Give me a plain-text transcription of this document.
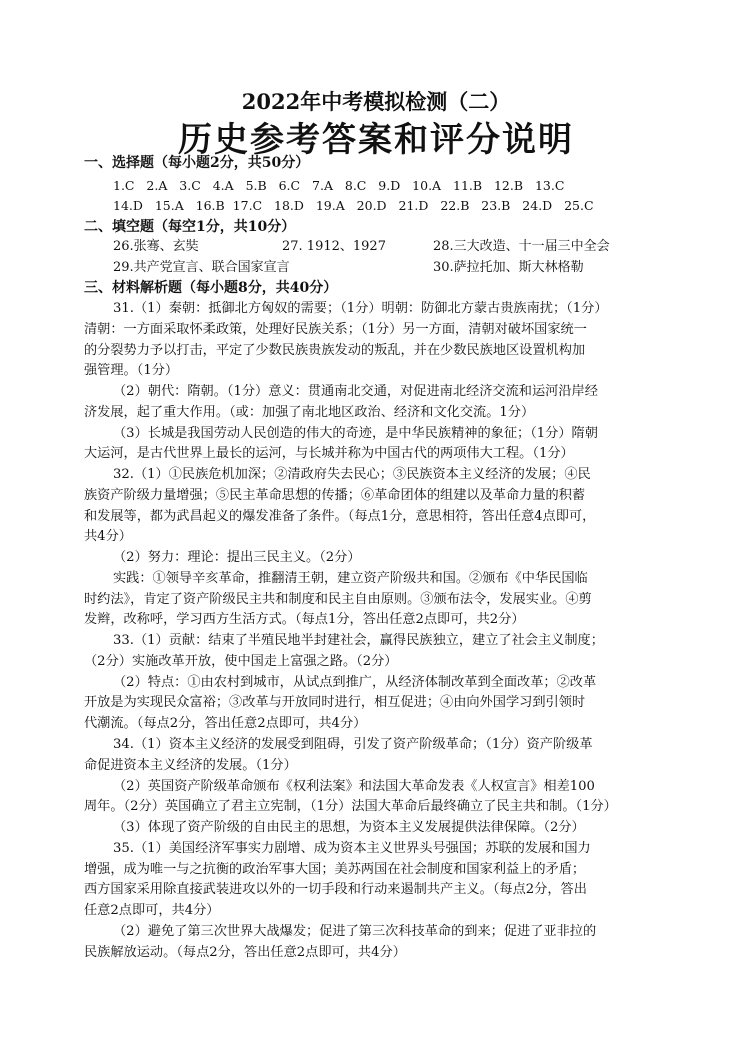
2022年中考模拟检测（二）
历史参考答案和评分说明
一、选择题（每小题2分，共50分）
1.C   2.A   3.C   4.A   5.B   6.C   7.A   8.C   9.D   10.A   11.B   12.B   13.C
14.D   15.A   16.B  17.C   18.D   19.A   20.D   21.D   22.B   23.B   24.D   25.C
二、填空题（每空1分，共10分）
26.张骞、玄奘	27. 1912、1927	28.三大改造、十一届三中全会
29.共产党宣言、联合国家宣言	30.萨拉托加、斯大林格勒
三、材料解析题（每小题8分，共40分）
31.（1）秦朝：抵御北方匈奴的需要；（1分）明朝：防御北方蒙古贵族南扰；（1分）
清朝：一方面采取怀柔政策，处理好民族关系；（1分）另一方面，清朝对破坏国家统一
的分裂势力予以打击，平定了少数民族贵族发动的叛乱，并在少数民族地区设置机构加
强管理。（1分）
（2）朝代：隋朝。（1分）意义：贯通南北交通，对促进南北经济交流和运河沿岸经
济发展，起了重大作用。（或：加强了南北地区政治、经济和文化交流。1分）
（3）长城是我国劳动人民创造的伟大的奇迹，是中华民族精神的象征；（1分）隋朝
大运河，是古代世界上最长的运河，与长城并称为中国古代的两项伟大工程。（1分）
32.（1）①民族危机加深；②清政府失去民心；③民族资本主义经济的发展；④民
族资产阶级力量增强；⑤民主革命思想的传播；⑥革命团体的组建以及革命力量的积蓄
和发展等，都为武昌起义的爆发准备了条件。（每点1分，意思相符，答出任意4点即可，
共4分）
（2）努力：理论：提出三民主义。（2分）
实践：①领导辛亥革命，推翻清王朝，建立资产阶级共和国。②颁布《中华民国临
时约法》，肯定了资产阶级民主共和制度和民主自由原则。③颁布法令，发展实业。④剪
发辫，改称呼，学习西方生活方式。（每点1分，答出任意2点即可，共2分）
33.（1）贡献：结束了半殖民地半封建社会，赢得民族独立，建立了社会主义制度；
（2分）实施改革开放，使中国走上富强之路。（2分）
（2）特点：①由农村到城市，从试点到推广，从经济体制改革到全面改革；②改革
开放是为实现民众富裕；③改革与开放同时进行，相互促进；④由向外国学习到引领时
代潮流。（每点2分，答出任意2点即可，共4分）
34.（1）资本主义经济的发展受到阻碍，引发了资产阶级革命；（1分）资产阶级革
命促进资本主义经济的发展。（1分）
（2）英国资产阶级革命颁布《权利法案》和法国大革命发表《人权宣言》相差100
周年。（2分）英国确立了君主立宪制，（1分）法国大革命后最终确立了民主共和制。（1分）
（3）体现了资产阶级的自由民主的思想，为资本主义发展提供法律保障。（2分）
35.（1）美国经济军事实力剧增、成为资本主义世界头号强国；苏联的发展和国力
增强，成为唯一与之抗衡的政治军事大国；美苏两国在社会制度和国家利益上的矛盾；
西方国家采用除直接武装进攻以外的一切手段和行动来遏制共产主义。（每点2分，答出
任意2点即可，共4分）
（2）避免了第三次世界大战爆发；促进了第三次科技革命的到来；促进了亚非拉的
民族解放运动。（每点2分，答出任意2点即可，共4分）
